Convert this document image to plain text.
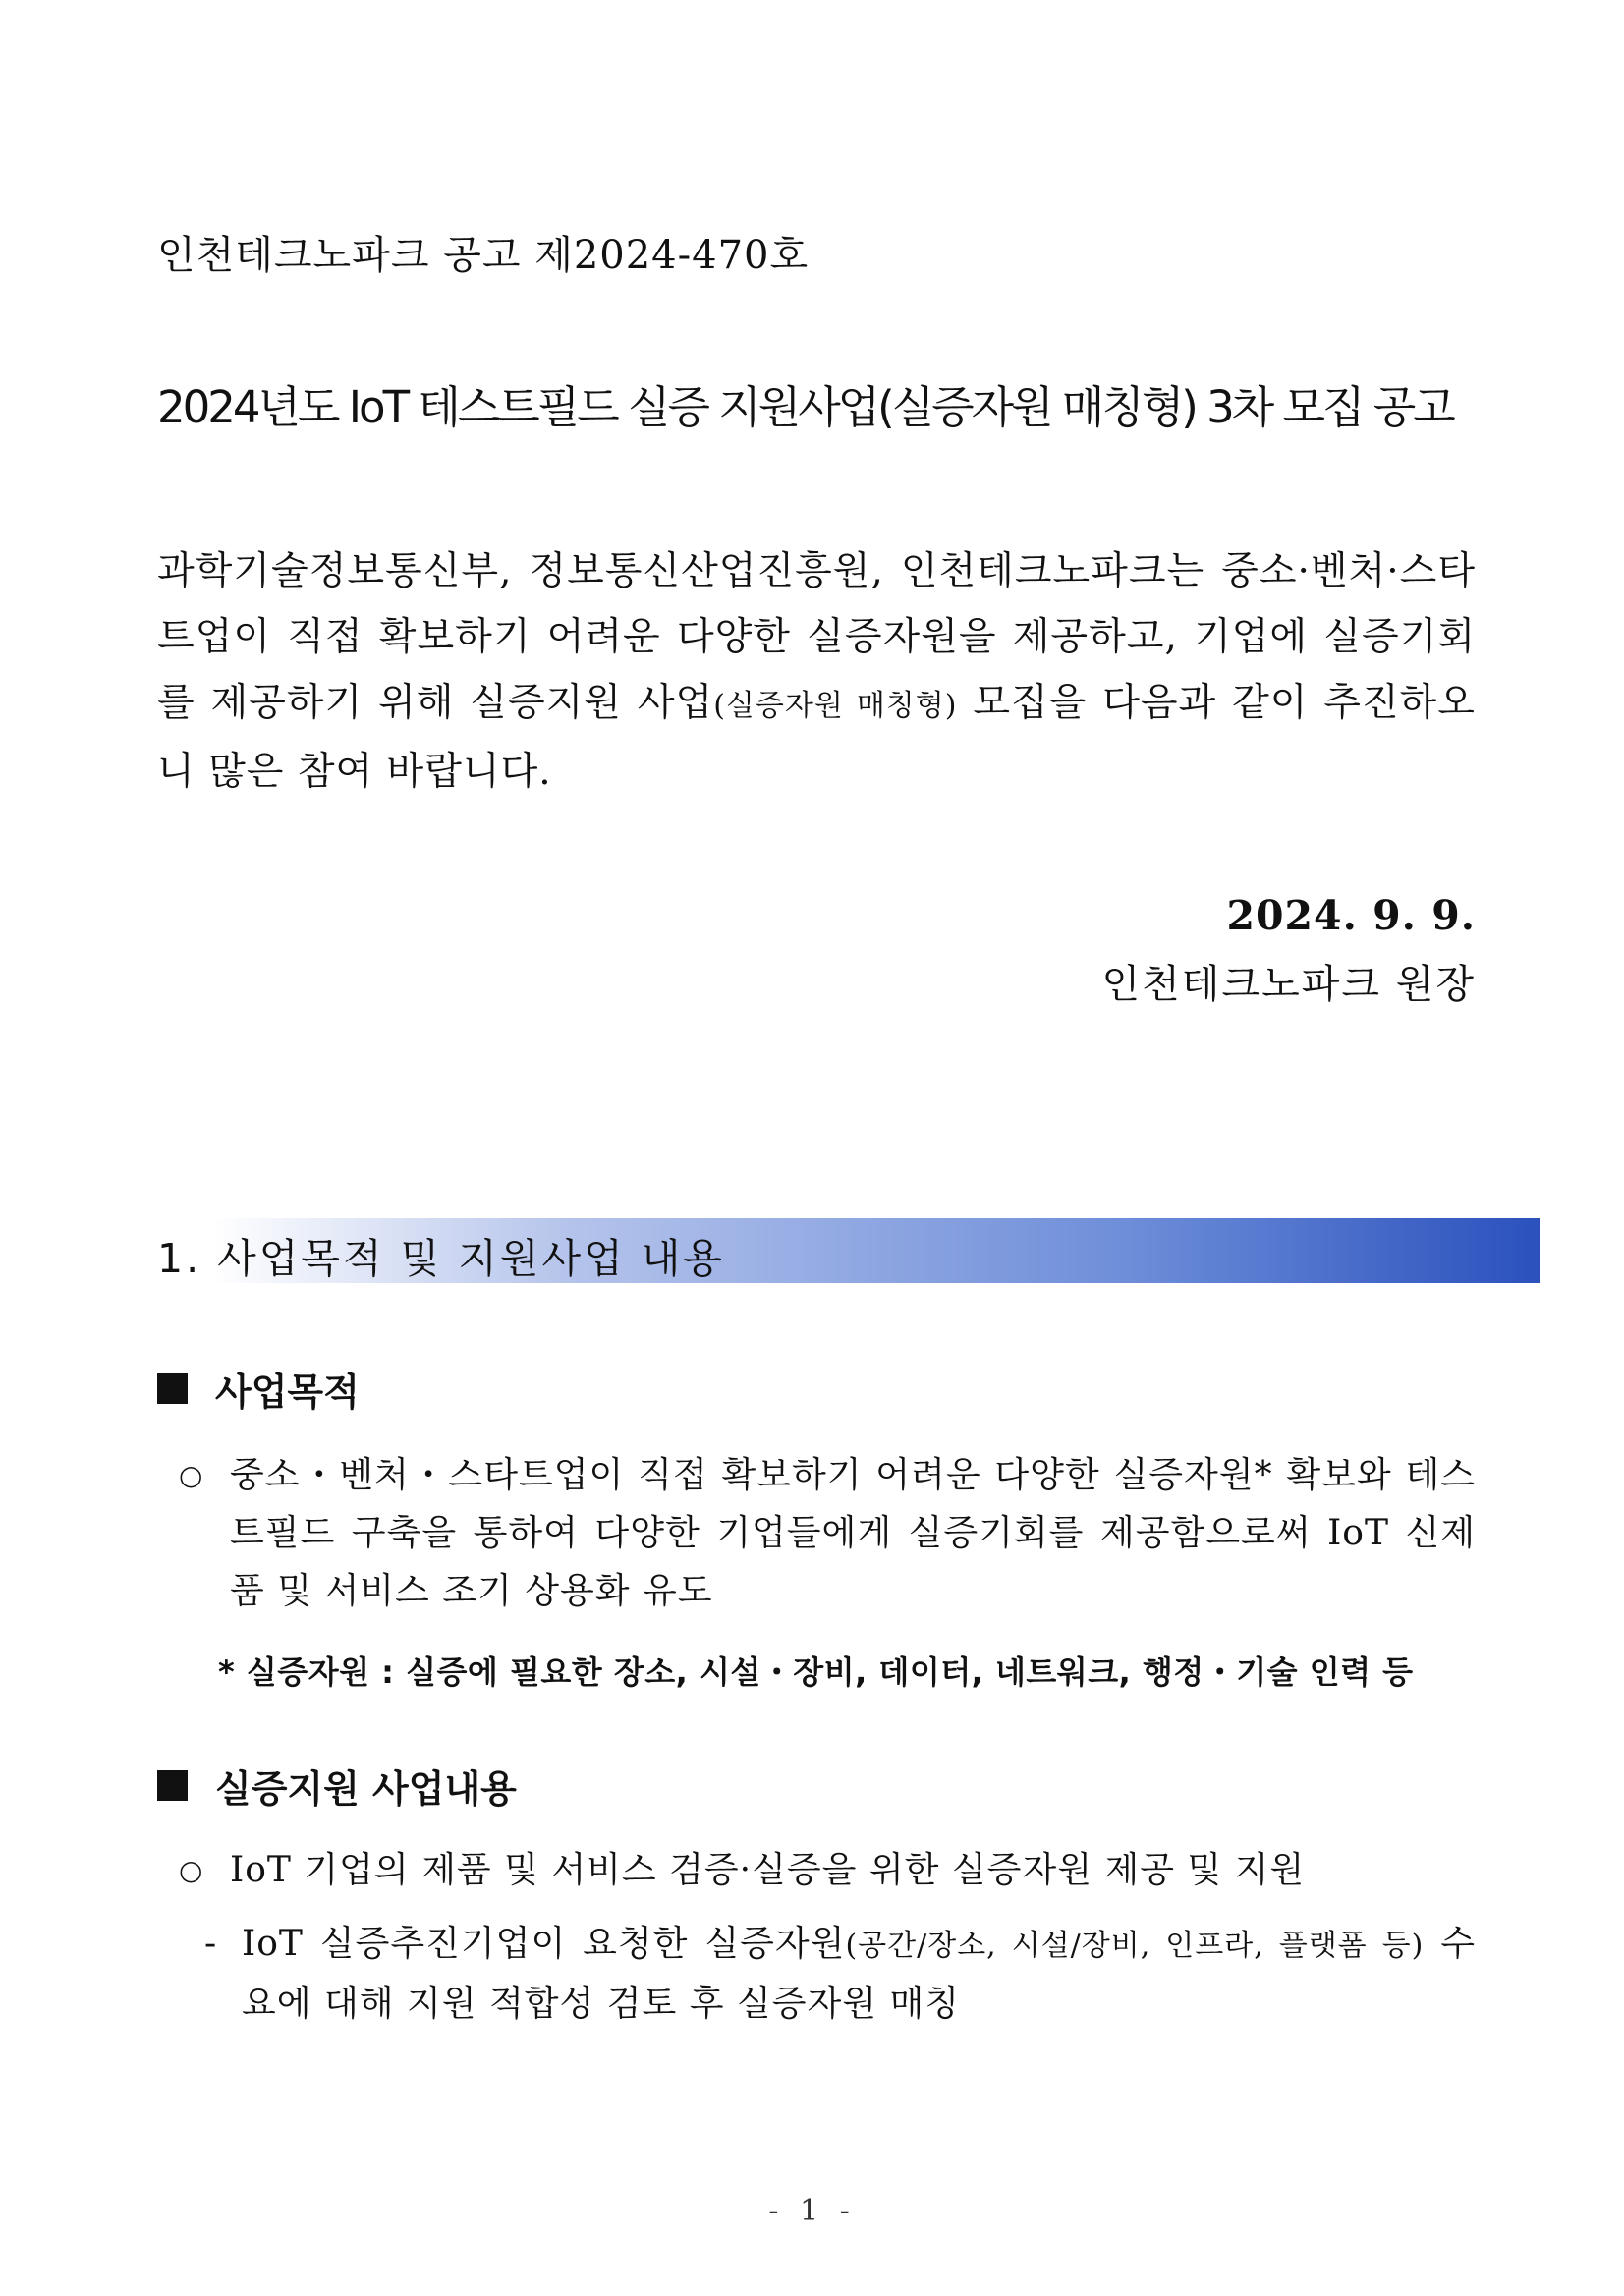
인천테크노파크 공고 제2024-470호
2024년도 IoT 테스트필드 실증 지원사업(실증자원 매칭형) 3차 모집 공고
과학기술정보통신부, 정보통신산업진흥원, 인천테크노파크는 중소·벤처·스타트업이 직접 확보하기 어려운 다양한 실증자원을 제공하고, 기업에 실증기회를 제공하기 위해 실증지원 사업(실증자원 매칭형) 모집을 다음과 같이 추진하오니 많은 참여 바랍니다.
2024. 9. 9.
인천테크노파크 원장
1. 사업목적 및 지원사업 내용
사업목적
○ 중소・벤처・스타트업이 직접 확보하기 어려운 다양한 실증자원* 확보와 테스트필드 구축을 통하여 다양한 기업들에게 실증기회를 제공함으로써 IoT 신제품 및 서비스 조기 상용화 유도
* 실증자원 : 실증에 필요한 장소, 시설・장비, 데이터, 네트워크, 행정・기술 인력 등
실증지원 사업내용
○ IoT 기업의 제품 및 서비스 검증·실증을 위한 실증자원 제공 및 지원
- IoT 실증추진기업이 요청한 실증자원(공간/장소, 시설/장비, 인프라, 플랫폼 등) 수요에 대해 지원 적합성 검토 후 실증자원 매칭
- 1 -
